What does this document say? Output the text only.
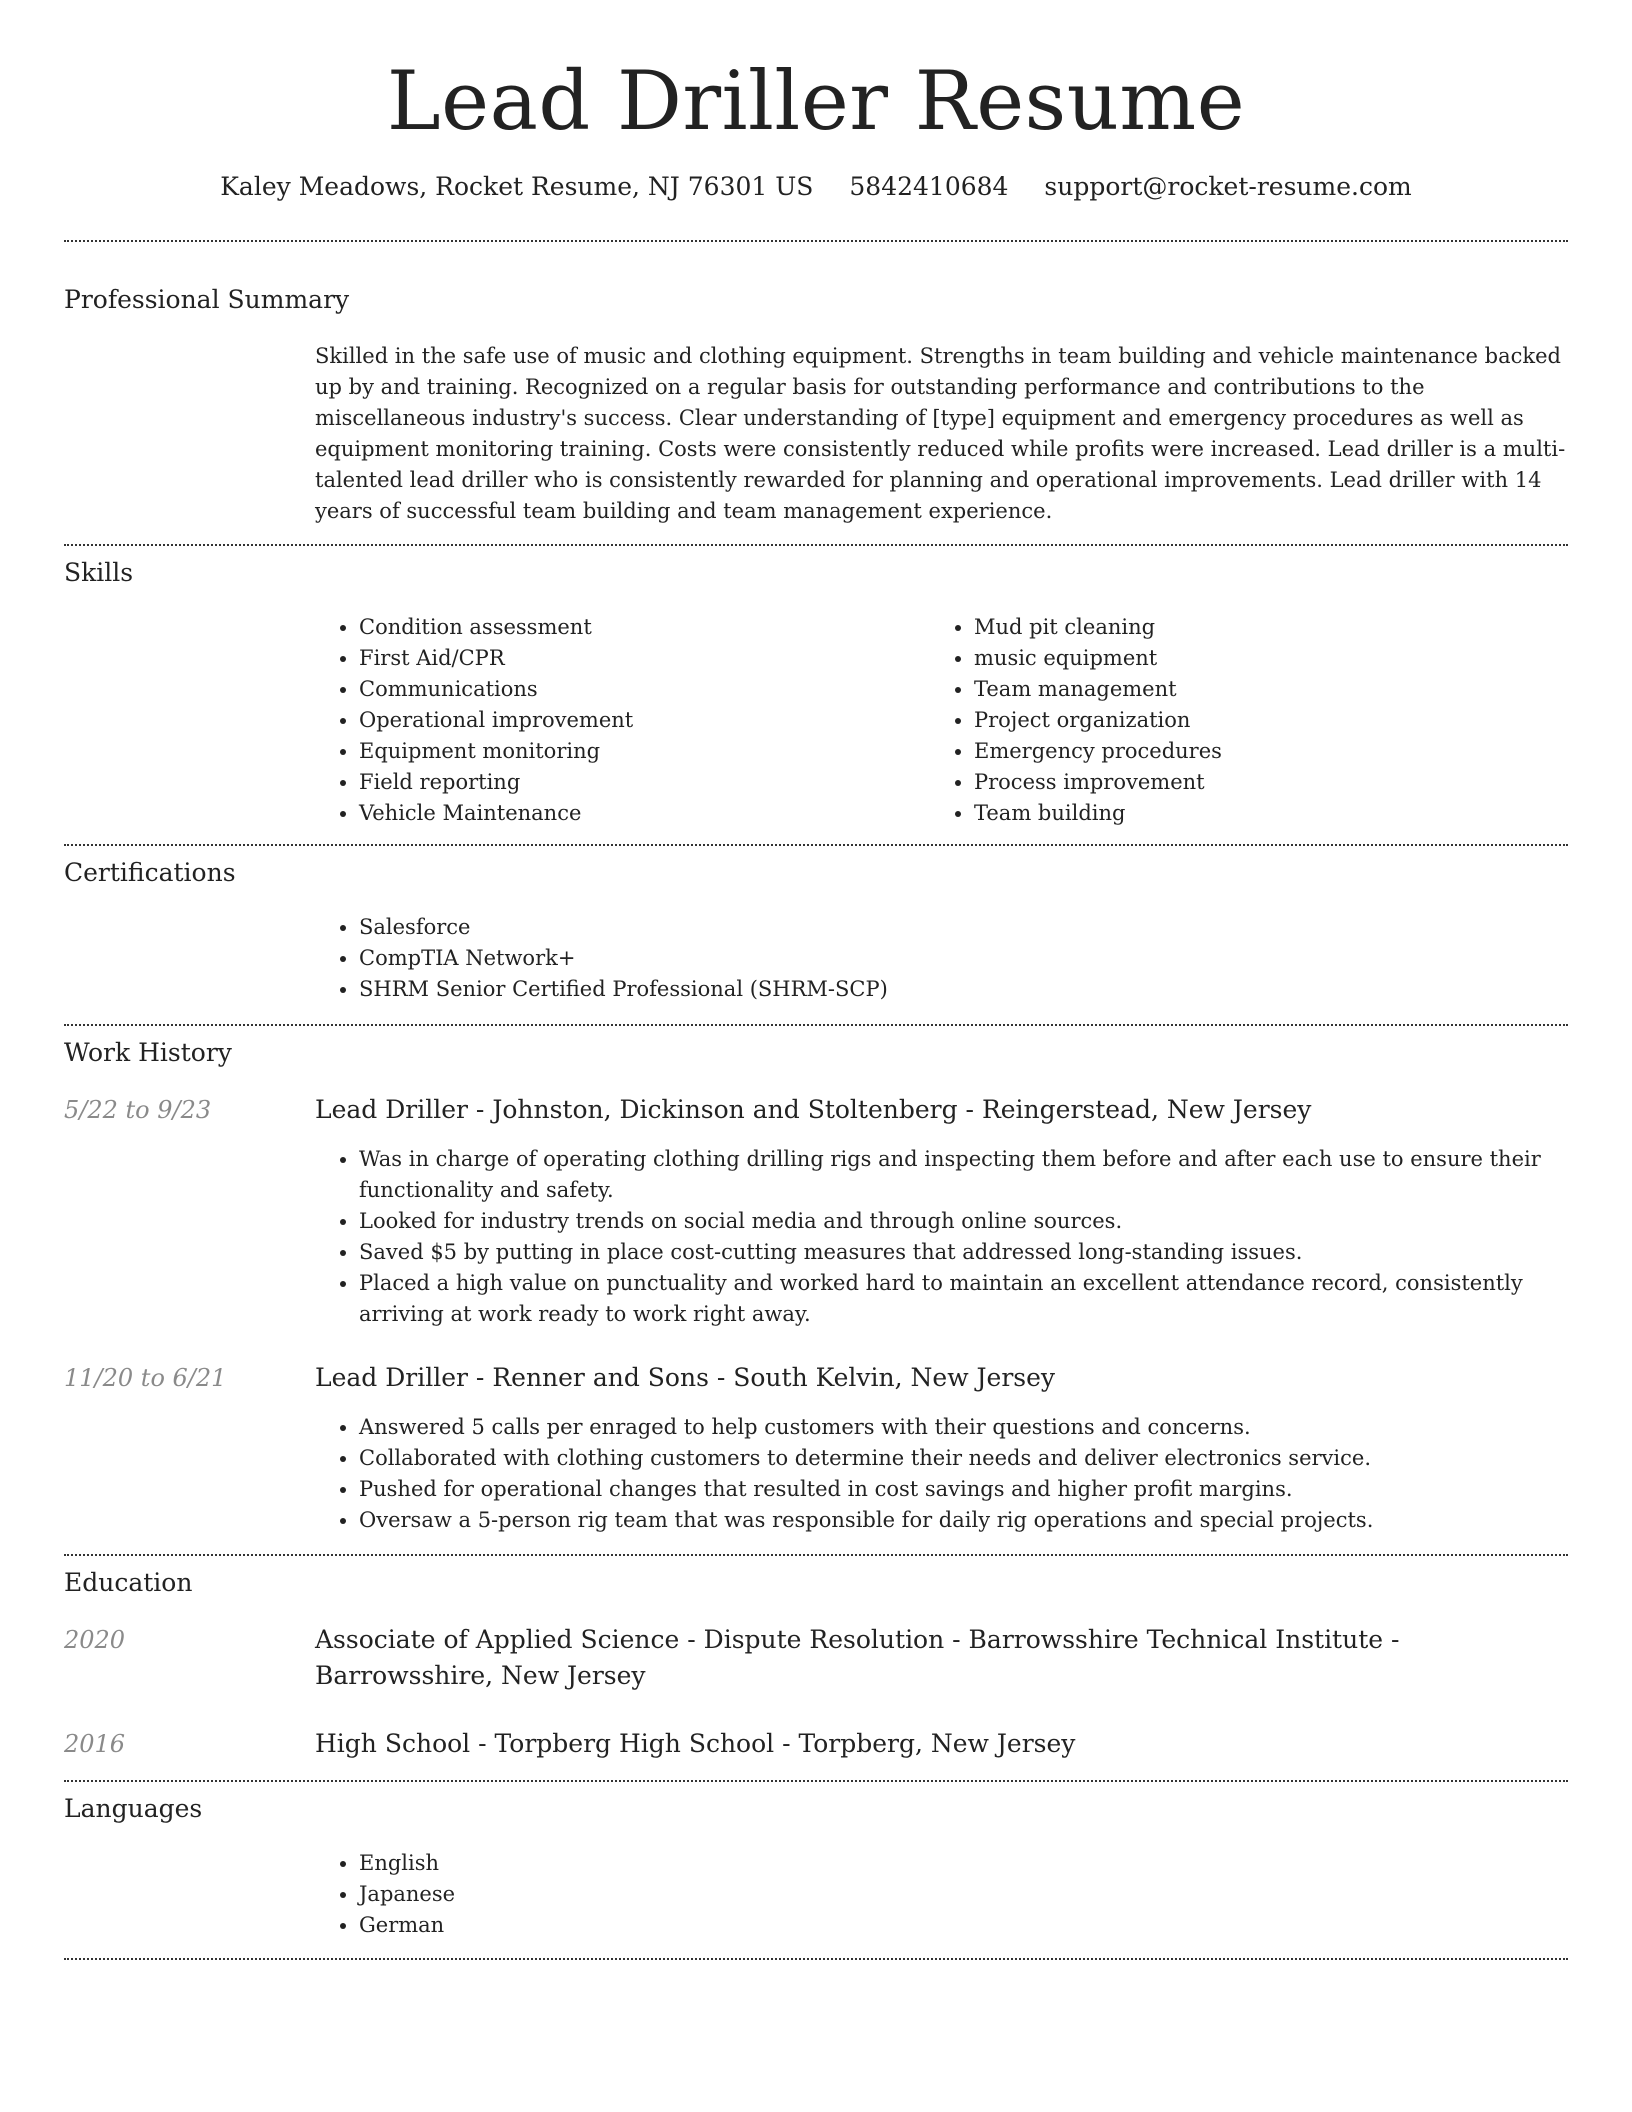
Lead Driller Resume
Kaley Meadows, Rocket Resume, NJ 76301 US 5842410684 support@rocket-resume.com
Professional Summary

Skilled in the safe use of music and clothing equipment. Strengths in team building and vehicle maintenance backed up by and training. Recognized on a regular basis for outstanding performance and contributions to the miscellaneous industry's success. Clear understanding of [type] equipment and emergency procedures as well as equipment monitoring training. Costs were consistently reduced while profits were increased. Lead driller is a multi-talented lead driller who is consistently rewarded for planning and operational improvements. Lead driller with 14 years of successful team building and team management experience.

Skills
• Condition assessment
• First Aid/CPR
• Communications
• Operational improvement
• Equipment monitoring
• Field reporting
• Vehicle Maintenance
• Mud pit cleaning
• music equipment
• Team management
• Project organization
• Emergency procedures
• Process improvement
• Team building
Certifications
• Salesforce
• CompTIA Network+
• SHRM Senior Certified Professional (SHRM-SCP)
Work History
5/22 to 9/23	Lead Driller - Johnston, Dickinson and Stoltenberg - Reingerstead, New Jersey
• Was in charge of operating clothing drilling rigs and inspecting them before and after each use to ensure their functionality and safety.
• Looked for industry trends on social media and through online sources.
• Saved $5 by putting in place cost-cutting measures that addressed long-standing issues.
• Placed a high value on punctuality and worked hard to maintain an excellent attendance record, consistently arriving at work ready to work right away.
11/20 to 6/21	Lead Driller - Renner and Sons - South Kelvin, New Jersey
• Answered 5 calls per enraged to help customers with their questions and concerns.
• Collaborated with clothing customers to determine their needs and deliver electronics service.
• Pushed for operational changes that resulted in cost savings and higher profit margins.
• Oversaw a 5-person rig team that was responsible for daily rig operations and special projects.
Education
2020	Associate of Applied Science - Dispute Resolution - Barrowsshire Technical Institute - Barrowsshire, New Jersey
2016	High School - Torpberg High School - Torpberg, New Jersey
Languages
• English
• Japanese
• German
